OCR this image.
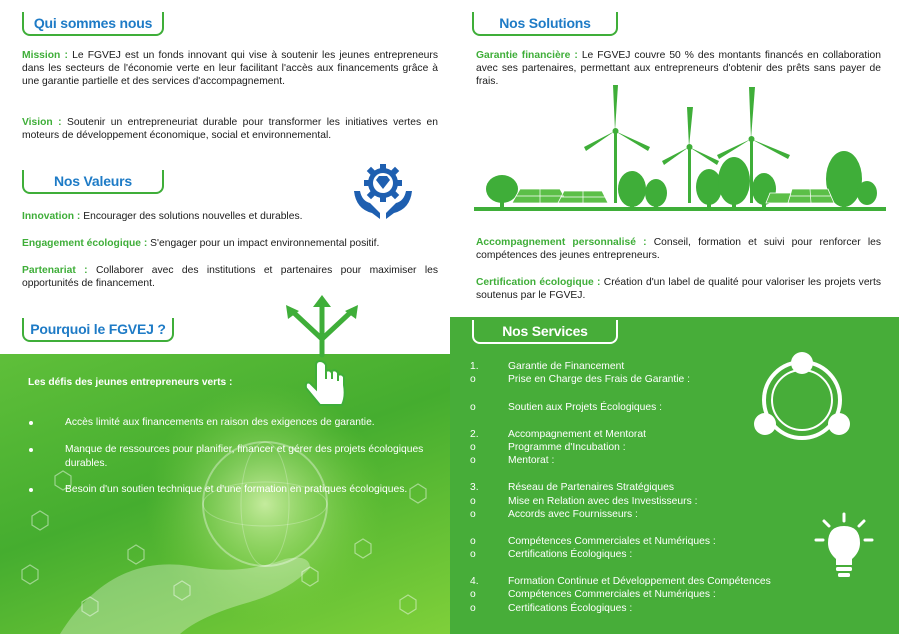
Qui sommes nous
Mission : Le FGVEJ est un fonds innovant qui vise à soutenir les jeunes entrepreneurs dans les secteurs de l'économie verte en leur facilitant l'accès aux financements grâce à une garantie partielle et des services d'accompagnement.
Vision : Soutenir un entrepreneuriat durable pour transformer les initiatives vertes en moteurs de développement économique, social et environnemental.
Nos Valeurs
Innovation : Encourager des solutions nouvelles et durables.
Engagement écologique : S'engager pour un impact environnemental positif.
Partenariat : Collaborer avec des institutions et partenaires pour maximiser les opportunités de financement.
Pourquoi le FGVEJ ?
Les défis des jeunes entrepreneurs verts :
Accès limité aux financements en raison des exigences de garantie.
Manque de ressources pour planifier, financer et gérer des projets écologiques durables.
Besoin d'un soutien technique et d'une formation en pratiques écologiques.
Nos Solutions
Garantie financière : Le FGVEJ couvre 50 % des montants financés en collaboration avec ses partenaires, permettant aux entrepreneurs d'obtenir des prêts sans payer de frais.
Accompagnement personnalisé : Conseil, formation et suivi pour renforcer les compétences des jeunes entrepreneurs.
Certification écologique : Création d'un label de qualité pour valoriser les projets verts soutenus par le FGVEJ.
Nos Services
1.	Garantie de Financement
o	Prise en Charge des Frais de Garantie :
o	Soutien aux Projets Écologiques :
2.	Accompagnement et Mentorat
o	Programme d'Incubation :
o	Mentorat :
3.	Réseau de Partenaires Stratégiques
o	Mise en Relation avec des Investisseurs :
o	Accords avec Fournisseurs :
o	Compétences Commerciales et Numériques :
o	Certifications Écologiques :
4.	Formation Continue et Développement des Compétences
o	Compétences Commerciales et Numériques :
o	Certifications Écologiques :
